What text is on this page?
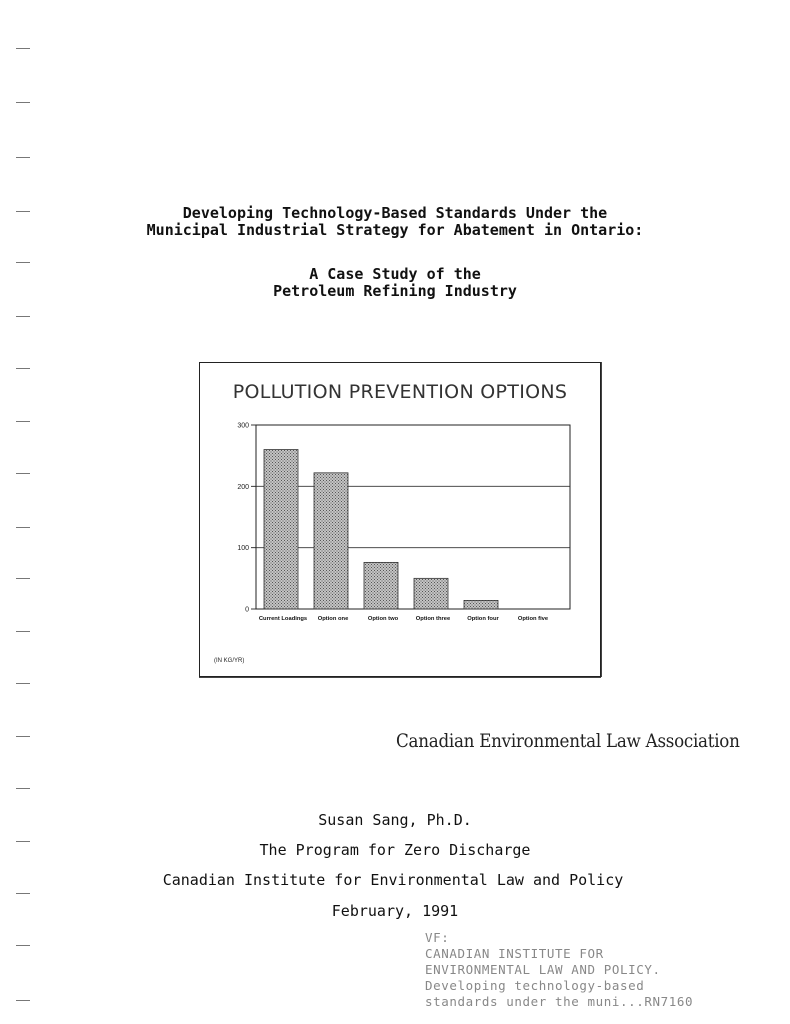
Developing Technology-Based Standards Under the
Municipal Industrial Strategy for Abatement in Ontario:
A Case Study of the
Petroleum Refining Industry
POLLUTION PREVENTION OPTIONS
0
100
200
300
Current Loadings Option one	Option two	Option three	Option four	Option five
(IN KG/YR)
Canadian Environmental Law Association
Susan Sang, Ph.D.
The Program for Zero Discharge
Canadian Institute for Environmental Law and Policy
February, 1991
VF:
CANADIAN INSTITUTE FOR
ENVIRONMENTAL LAW AND POLICY.
Developing technology-based
standards under the muni...RN7160
